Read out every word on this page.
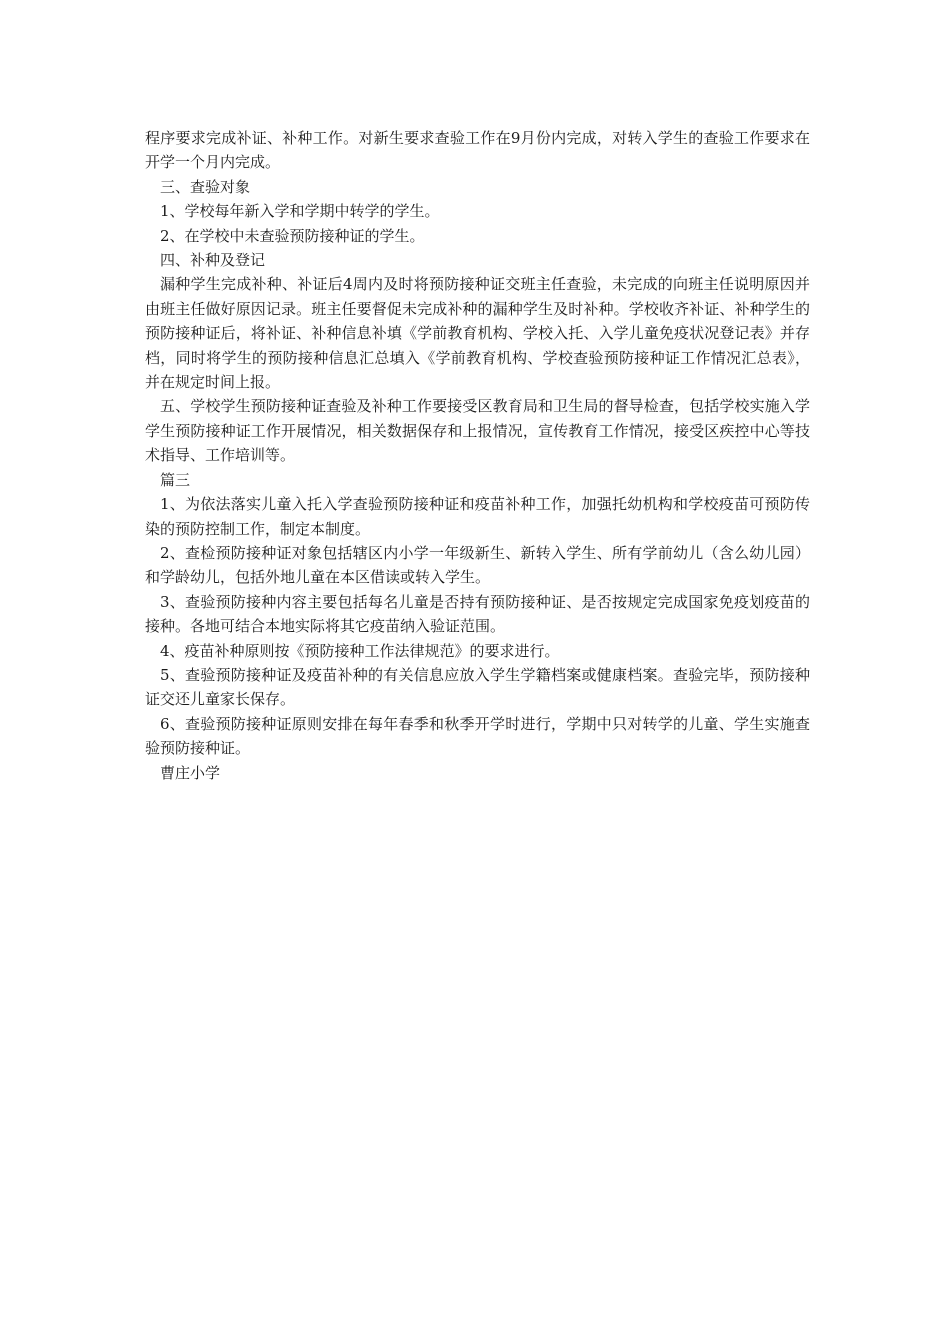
程序要求完成补证、补种工作。对新生要求查验工作在9月份内完成，对转入学生的查验工作要求在开学一个月内完成。

三、查验对象

1、学校每年新入学和学期中转学的学生。

2、在学校中未查验预防接种证的学生。

四、补种及登记

漏种学生完成补种、补证后4周内及时将预防接种证交班主任查验，未完成的向班主任说明原因并由班主任做好原因记录。班主任要督促未完成补种的漏种学生及时补种。学校收齐补证、补种学生的预防接种证后，将补证、补种信息补填《学前教育机构、学校入托、入学儿童免疫状况登记表》并存档，同时将学生的预防接种信息汇总填入《学前教育机构、学校查验预防接种证工作情况汇总表》，并在规定时间上报。

五、学校学生预防接种证查验及补种工作要接受区教育局和卫生局的督导检查，包括学校实施入学学生预防接种证工作开展情况，相关数据保存和上报情况，宣传教育工作情况，接受区疾控中心等技术指导、工作培训等。

篇三

1、为依法落实儿童入托入学查验预防接种证和疫苗补种工作，加强托幼机构和学校疫苗可预防传染的预防控制工作，制定本制度。

2、查检预防接种证对象包括辖区内小学一年级新生、新转入学生、所有学前幼儿（含么幼儿园）和学龄幼儿，包括外地儿童在本区借读或转入学生。

3、查验预防接种内容主要包括每名儿童是否持有预防接种证、是否按规定完成国家免疫划疫苗的接种。各地可结合本地实际将其它疫苗纳入验证范围。

4、疫苗补种原则按《预防接种工作法律规范》的要求进行。

5、查验预防接种证及疫苗补种的有关信息应放入学生学籍档案或健康档案。查验完毕，预防接种证交还儿童家长保存。

6、查验预防接种证原则安排在每年春季和秋季开学时进行，学期中只对转学的儿童、学生实施查验预防接种证。

曹庄小学
